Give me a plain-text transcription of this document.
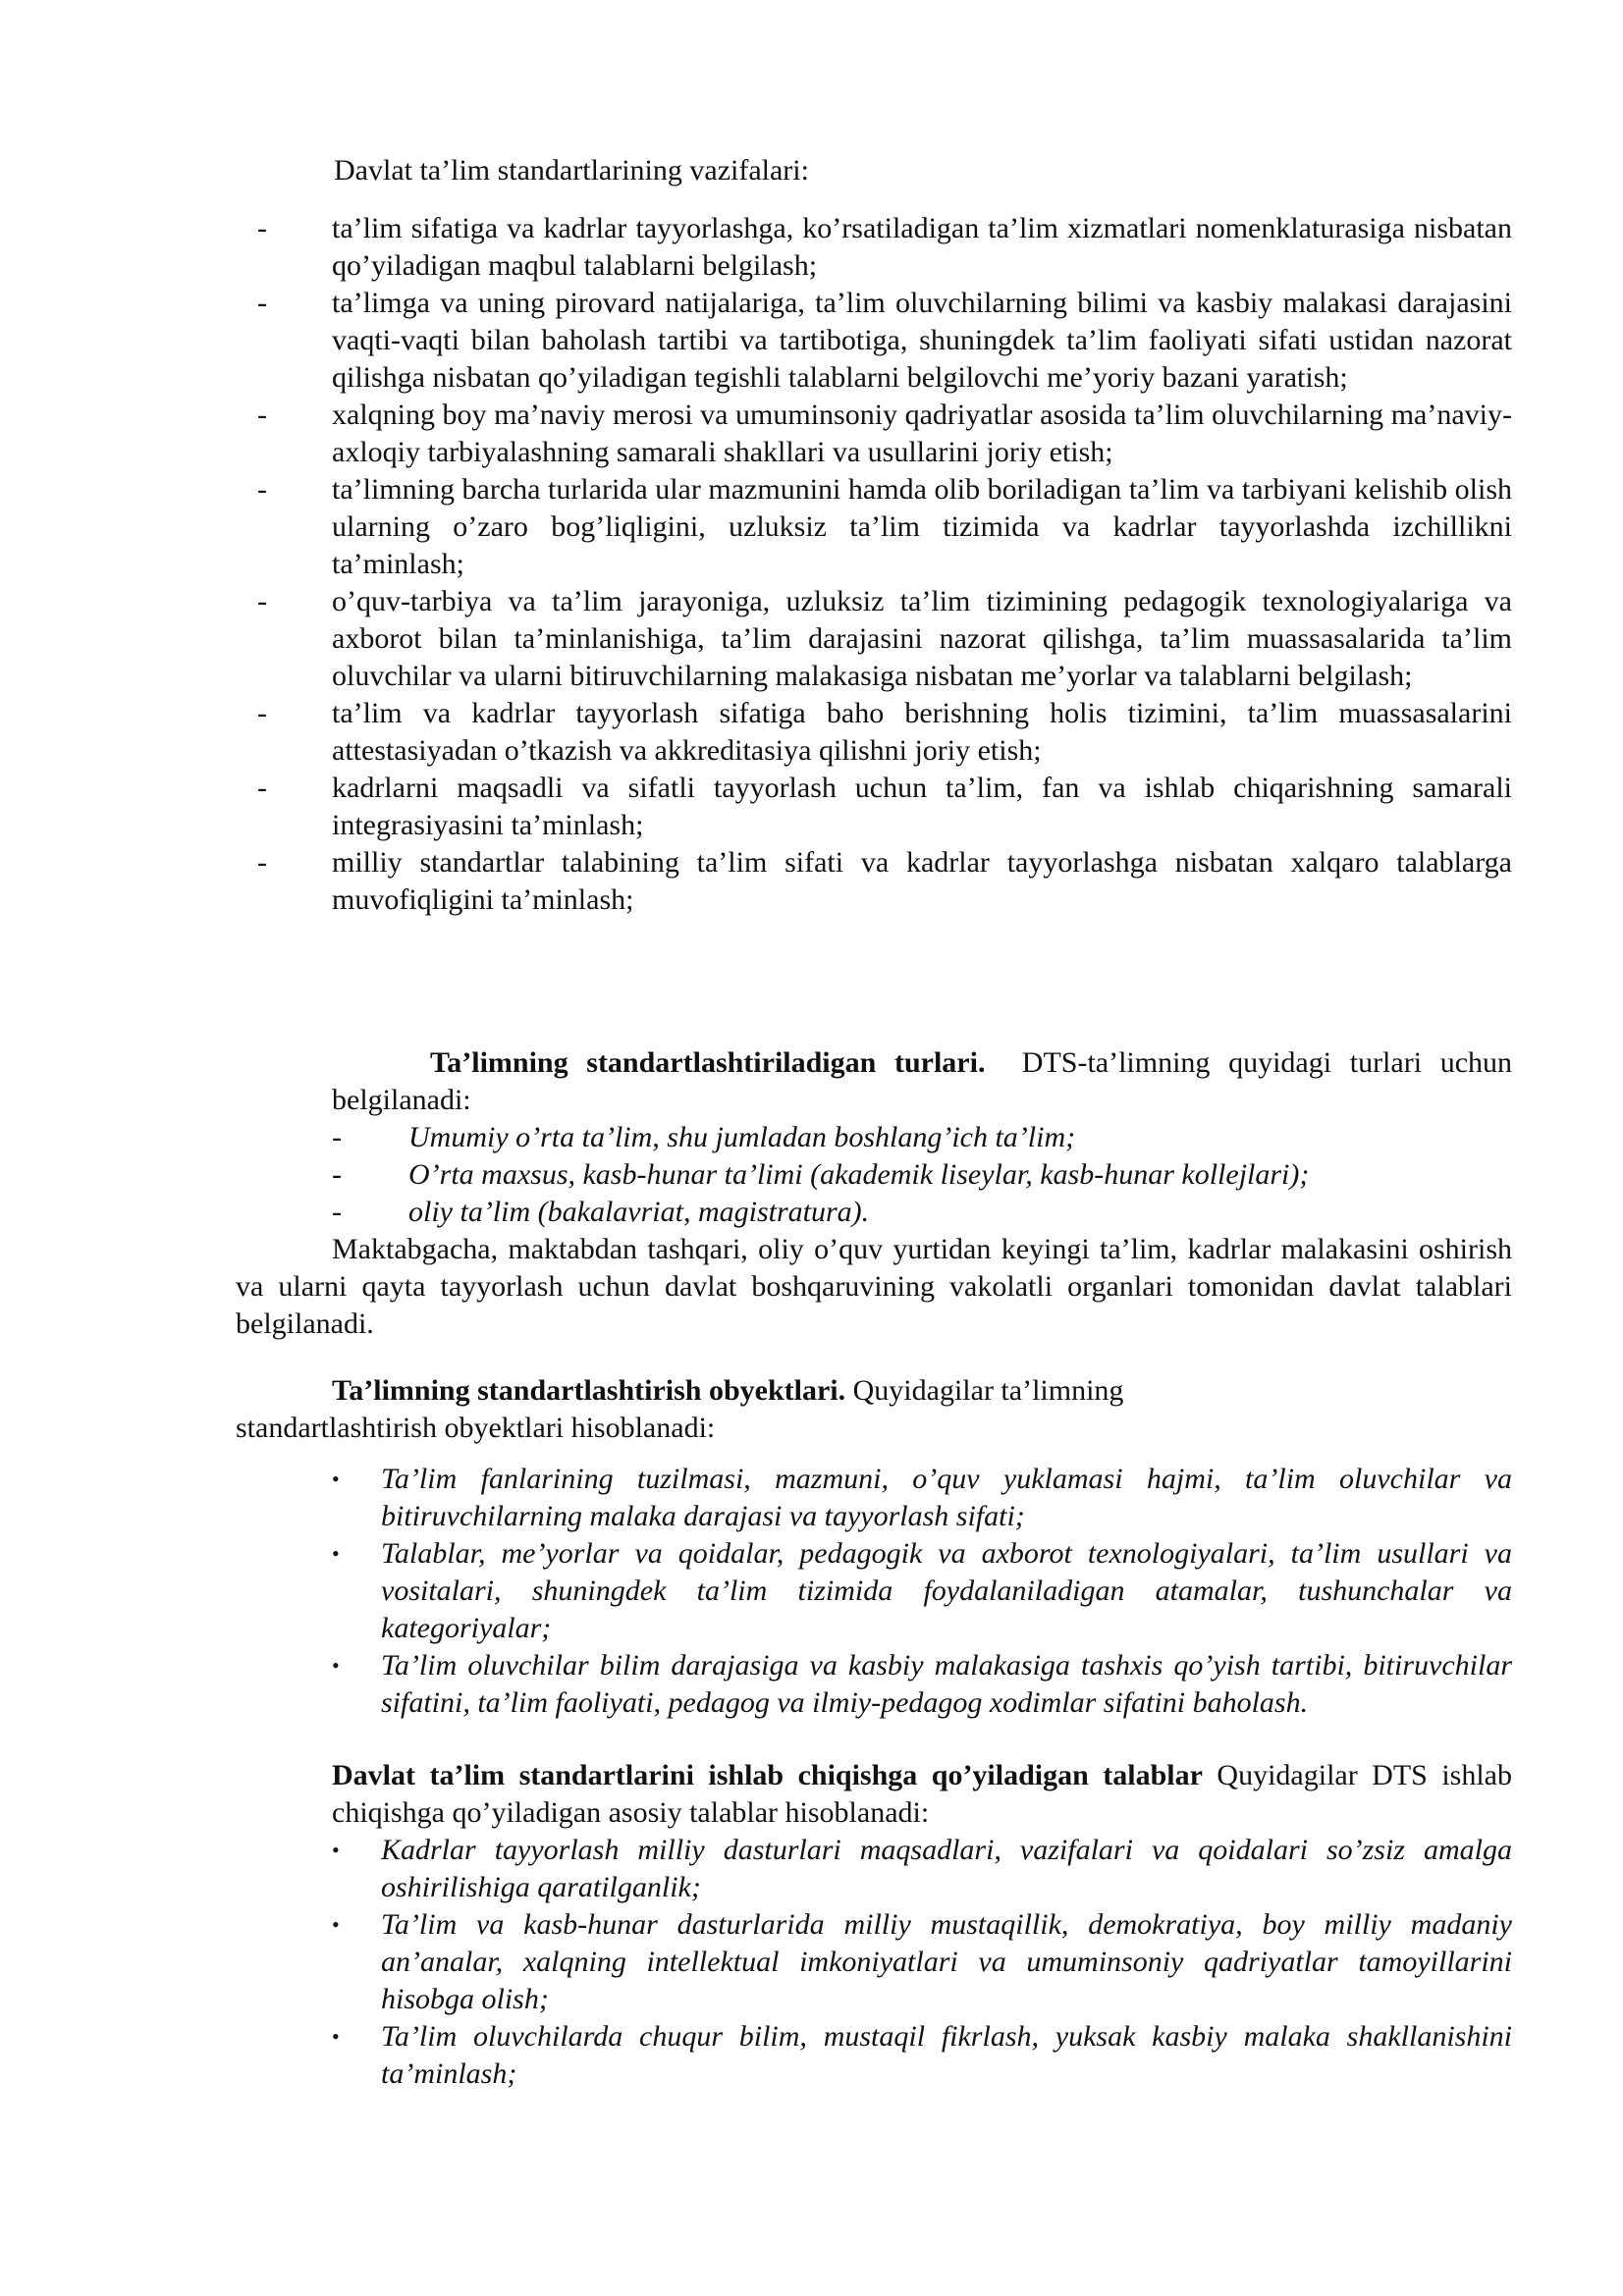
Davlat ta’lim standartlarining vazifalari:
- ta’lim sifatiga va kadrlar tayyorlashga, ko’rsatiladigan ta’lim xizmatlari nomenklaturasiga nisbatan qo’yiladigan maqbul talablarni belgilash;
- ta’limga va uning pirovard natijalariga, ta’lim oluvchilarning bilimi va kasbiy malakasi darajasini vaqti-vaqti bilan baholash tartibi va tartibotiga, shuningdek ta’lim faoliyati sifati ustidan nazorat qilishga nisbatan qo’yiladigan tegishli talablarni belgilovchi me’yoriy bazani yaratish;
- xalqning boy ma’naviy merosi va umuminsoniy qadriyatlar asosida ta’lim oluvchilarning ma’naviy-axloqiy tarbiyalashning samarali shakllari va usullarini joriy etish;
- ta’limning barcha turlarida ular mazmunini hamda olib boriladigan ta’lim va tarbiyani kelishib olish ularning o’zaro bog’liqligini, uzluksiz ta’lim tizimida va kadrlar tayyorlashda izchillikni ta’minlash;
- o’quv-tarbiya va ta’lim jarayoniga, uzluksiz ta’lim tizimining pedagogik texnologiyalariga va axborot bilan ta’minlanishiga, ta’lim darajasini nazorat qilishga, ta’lim muassasalarida ta’lim oluvchilar va ularni bitiruvchilarning malakasiga nisbatan me’yorlar va talablarni belgilash;
- ta’lim va kadrlar tayyorlash sifatiga baho berishning holis tizimini, ta’lim muassasalarini attestasiyadan o’tkazish va akkreditasiya qilishni joriy etish;
- kadrlarni maqsadli va sifatli tayyorlash uchun ta’lim, fan va ishlab chiqarishning samarali integrasiyasini ta’minlash;
- milliy standartlar talabining ta’lim sifati va kadrlar tayyorlashga nisbatan xalqaro talablarga muvofiqligini ta’minlash;
Ta’limning standartlashtiriladigan turlari. DTS-ta’limning quyidagi turlari uchun belgilanadi:
- Umumiy o’rta ta’lim, shu jumladan boshlang’ich ta’lim;
- O’rta maxsus, kasb-hunar ta’limi (akademik liseylar, kasb-hunar kollejlari);
- oliy ta’lim (bakalavriat, magistratura).
Maktabgacha, maktabdan tashqari, oliy o’quv yurtidan keyingi ta’lim, kadrlar malakasini oshirish va ularni qayta tayyorlash uchun davlat boshqaruvining vakolatli organlari tomonidan davlat talablari belgilanadi.
Ta’limning standartlashtirish obyektlari. Quyidagilar ta’limning
standartlashtirish obyektlari hisoblanadi:
• Ta’lim fanlarining tuzilmasi, mazmuni, o’quv yuklamasi hajmi, ta’lim oluvchilar va bitiruvchilarning malaka darajasi va tayyorlash sifati;
• Talablar, me’yorlar va qoidalar, pedagogik va axborot texnologiyalari, ta’lim usullari va vositalari, shuningdek ta’lim tizimida foydalaniladigan atamalar, tushunchalar va kategoriyalar;
• Ta’lim oluvchilar bilim darajasiga va kasbiy malakasiga tashxis qo’yish tartibi, bitiruvchilar sifatini, ta’lim faoliyati, pedagog va ilmiy-pedagog xodimlar sifatini baholash.
Davlat ta’lim standartlarini ishlab chiqishga qo’yiladigan talablar Quyidagilar DTS ishlab chiqishga qo’yiladigan asosiy talablar hisoblanadi:
• Kadrlar tayyorlash milliy dasturlari maqsadlari, vazifalari va qoidalari so’zsiz amalga oshirilishiga qaratilganlik;
• Ta’lim va kasb-hunar dasturlarida milliy mustaqillik, demokratiya, boy milliy madaniy an’analar, xalqning intellektual imkoniyatlari va umuminsoniy qadriyatlar tamoyillarini hisobga olish;
• Ta’lim oluvchilarda chuqur bilim, mustaqil fikrlash, yuksak kasbiy malaka shakllanishini ta’minlash;
